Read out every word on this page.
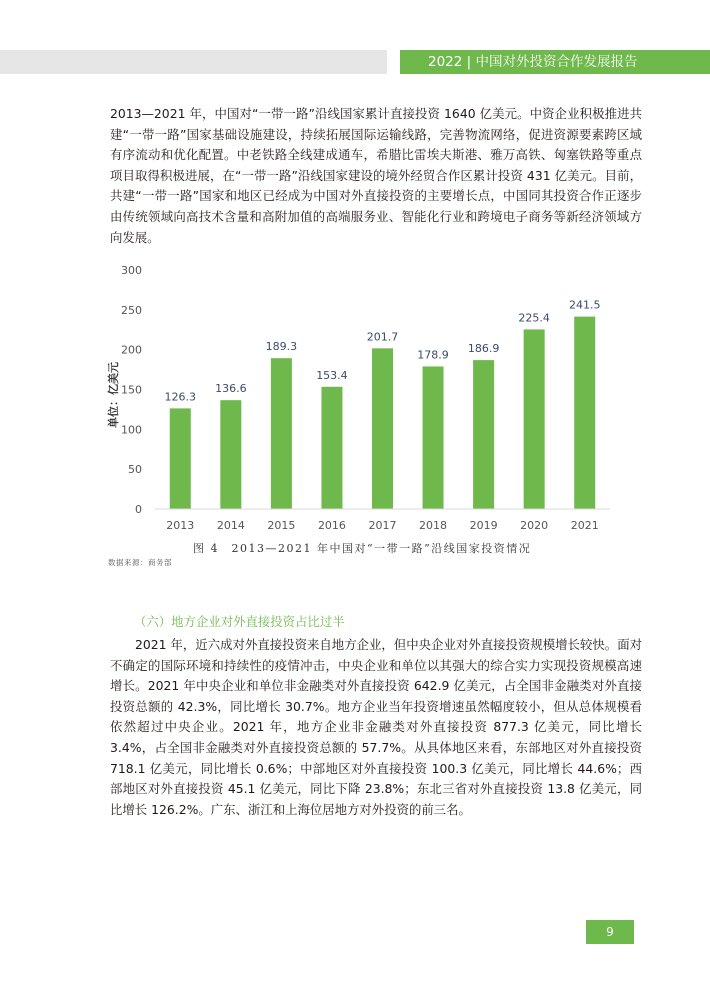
2022 | 中国对外投资合作发展报告

2013—2021 年，中国对“一带一路”沿线国家累计直接投资 1640 亿美元。中资企业积极推进共建“一带一路”国家基础设施建设，持续拓展国际运输线路，完善物流网络，促进资源要素跨区域有序流动和优化配置。中老铁路全线建成通车，希腊比雷埃夫斯港、雅万高铁、匈塞铁路等重点项目取得积极进展，在“一带一路”沿线国家建设的境外经贸合作区累计投资 431 亿美元。目前，共建“一带一路”国家和地区已经成为中国对外直接投资的主要增长点，中国同其投资合作正逐步由传统领域向高技术含量和高附加值的高端服务业、智能化行业和跨境电子商务等新经济领域方向发展。

0
50
100
150
200
250
300
126.3
136.6
189.3
153.4
201.7
178.9 186.9
225.4
241.5
2013 2014 2015 2016 2017 2018 2019 2020 2021
单位：亿美元
图 4　2013—2021 年中国对“一带一路”沿线国家投资情况
数据来源：商务部
（六）地方企业对外直接投资占比过半

2021 年，近六成对外直接投资来自地方企业，但中央企业对外直接投资规模增长较快。面对不确定的国际环境和持续性的疫情冲击，中央企业和单位以其强大的综合实力实现投资规模高速增长。2021 年中央企业和单位非金融类对外直接投资 642.9 亿美元，占全国非金融类对外直接投资总额的 42.3%，同比增长 30.7%。地方企业当年投资增速虽然幅度较小，但从总体规模看依然超过中央企业。2021 年，地方企业非金融类对外直接投资 877.3 亿美元，同比增长 3.4%，占全国非金融类对外直接投资总额的 57.7%。从具体地区来看，东部地区对外直接投资 718.1 亿美元，同比增长 0.6%；中部地区对外直接投资 100.3 亿美元，同比增长 44.6%；西部地区对外直接投资 45.1 亿美元，同比下降 23.8%；东北三省对外直接投资 13.8 亿美元，同比增长 126.2%。广东、浙江和上海位居地方对外投资的前三名。

9
